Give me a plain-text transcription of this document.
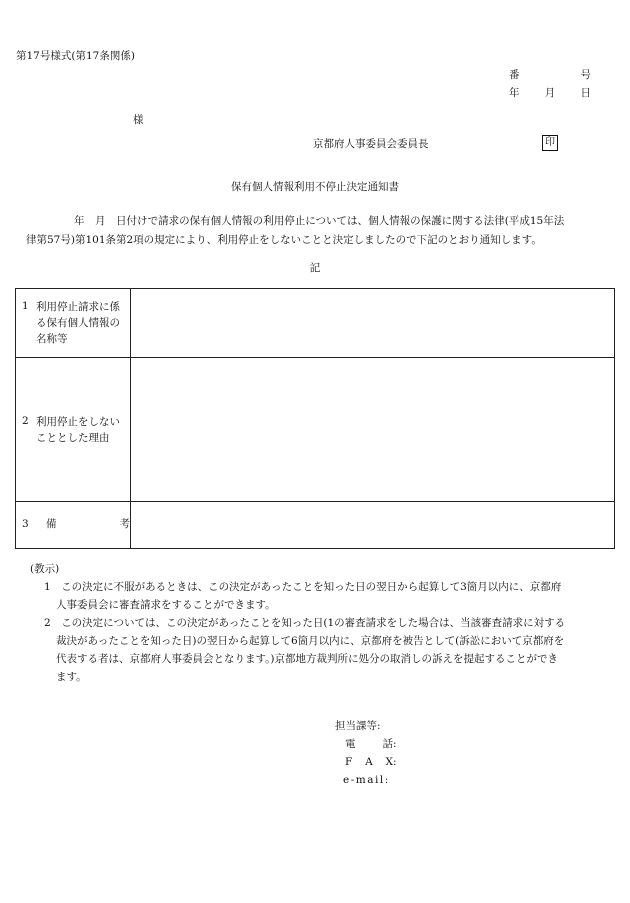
第17号様式(第17条関係)
番	号
年 月 日
様
京都府人事委員会委員長	印
保有個人情報利用不停止決定通知書
年　月　日付けで請求の保有個人情報の利用停止については、個人情報の保護に関する法律(平成15年法
律第57号)第101条第2項の規定により、利用停止をしないことと決定しましたので下記のとおり通知します。
記
1 利用停止請求に係る保有個人情報の名称等	

2 利用停止をしないこととした理由	

3 備 考	

(教示)
1　 この決定に不服があるときは、この決定があったことを知った日の翌日から起算して3箇月以内に、京都府
人事委員会に審査請求をすることができます。
2　 この決定については、この決定があったことを知った日(1の審査請求をした場合は、当該審査請求に対する
裁決があったことを知った日)の翌日から起算して6箇月以内に、京都府を被告として(訴訟において京都府を
代表する者は、京都府人事委員会となります。)京都地方裁判所に処分の取消しの訴えを提起することができ
ます。
担当課等 :
電	話 :
F A X :
e-mail :
